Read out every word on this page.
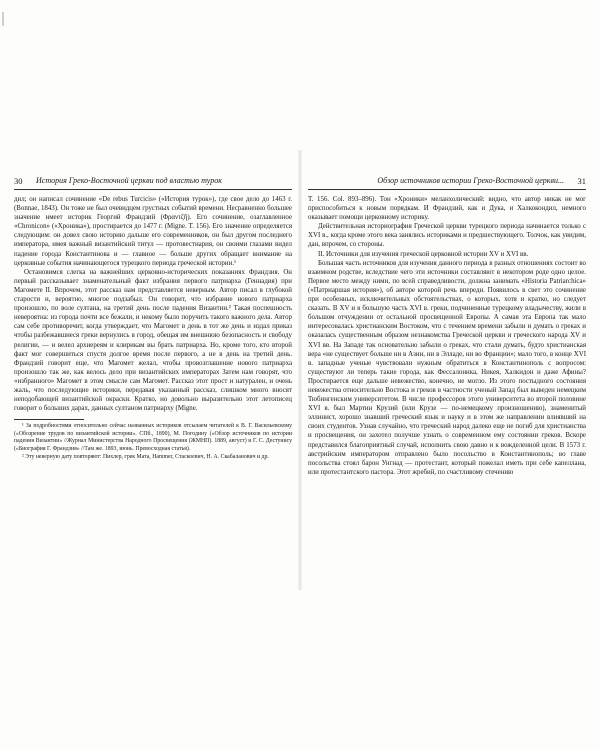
30 История Греко-Восточной церкви под властью турок

дил; он написал сочинение «De rebus Turcicis» («История турок»), где свое дело до 1463 г. (Bonnae, 1843). Он тоже не был очевидцем грустных событий времени. Несравненно большее значение имеет историк Георгий Франдзий (Φραντζῆ). Его сочинение, озаглавленное «Chronicon» («Хроника»), простирается до 1477 г. (Migne. T. 156). Его значение определяется следующим: он довел свою историю дальше его современников, он был другом последнего императора, имея важный византийский титул — протовестиария, он своими глазами видел падение города Константинова и — главное — больше других обращает внимание на церковные события начинающегося турецкого периода греческой истории.¹

Остановимся слегка на важнейших церковно-исторических показаниях Франдзия. Он первый рассказывает знаменательный факт избрания первого патриарха (Геннадия) при Магомете II. Впрочем, этот рассказ нам представляется неверным. Автор писал в глубокой старости и, вероятно, многое подзабыл. Он говорит, что избрание нового патриарха произошло, по воле султана, на третий день после падения Византии.² Такая поспешность невероятна: из города почти все бежали, и некому было поручить такого важного дела. Автор сам себе противоречит, когда утверждает, что Магомет в день в тот же день и издал приказ чтобы разбежавшиеся греки вернулись в город, обещая им внешнюю безопасность и свободу религии, — и велел архиереям и клирикам вы брать патриарха. Но, кроме того, кто второй факт мог совершиться спустя долгое время после первого, а не в день на третий день. Франдзий говорит еще, что Магомет желал, чтобы провозглашение нового патриарха произошло так же, как велось дело при византийских императорах Затем нам говорят, что «избранного» Магомет в этом смысле сам Магомет. Рассказ этот прост и натурален, и очень жаль, что последующие историки, передавая указанный рассказ, слишком много вносят неподобающей византийской окраски. Кратко, но довольно выразительно этот летописец говорит о больших дарах, данных султаном патриарху (Migne.

¹ За подробностями относительно сейчас названных историков отсылаем читателей к В. Г. Васильевскому («Обозрение трудов по византийской истории». СПб., 1890), М. Погодину («Обзор источников по истории падения Византии» //Журнал Министерства Народного Просвещения (ЖМНП). 1889, август) и Г. С. Дестунису («Биография Г. Франдзия» //Там же. 1893, июнь. Превосходная статья).

² Эту неверную дату повторяют: Пихлер, грек Мата, Hammer, Стаскоевич, Н. А. Скабаланович и др.

Обзор источников истории Греко-Восточной церкви... 31

T. 156. Col. 893–896). Тон «Хроники» меланхолический: видно, что автор никак не мог приспособиться к новым порядкам. И Франдзий, как и Дука, и Халкокондил, немного оказывает помощи церковному историку.

Действительная историография Греческой церкви турецкого периода начинается только с XVI в., когда кроме этого века занялись историками и предшествующего. Толчок, как увидим, дан, впрочем, со стороны.

II. Источники для изучения греческой церковной истории XV и XVI вв.

Большая часть источников для изучения данного периода в разных отношениях состоит во взаимном родстве, вследствие чего эти источники составляют в некотором роде одно целое. Первое место между ними, по всей справедливости, должна занимать «Historia Patriarchica» («Патриаршая история»), об авторе которой речь впереди. Появилось в свет это сочинение при особенных, исключительных обстоятельствах, о которых, хотя и кратко, но следует сказать. В XV и в большую часть XVI в. греки, подчиненные турецкому владычеству, жили в большом отчуждении от остальной просвещенной Европы. А самая эта Европа так мало интересовалась христианским Востоком, что с течением времени забыли и думать о греках и оказалась существенным образом незнакомства Греческой церкви и греческого народа XV и XVI вв. На Западе так основательно забыли о греках, что стали думать, будто христианская вера «не существует больше ни в Азии, ни в Элладе, ни во Франции»; мало того, в конце XVI в. западные ученые чувствовали нужным обратиться в Константинополь с вопросом: существуют ли теперь такие города, как Фессалоника, Никея, Халкидон и даже Афины? Простирается еще дальше невежество, конечно, не могло. Из этого постыдного состояния невежества относительно Востока и греков в частности ученый Запад был выведен немецким Тюбингенским университетом. В числе профессоров этого университета во второй половине XVI в. был Мартин Крузий (или Крузе — по-немецкому произношению), знаменитый эллинист, хорошо знавший греческий язык и науку и в этом же направлении влиявший на своих студентов. Узнав случайно, что греческий народ далеко еще не погиб для христианства и просвещения, он захотел получше узнать о современном ему состоянии греков. Вскоре представился благоприятный случай, исполнить свою давно и к вожделенной цели. В 1573 г. австрийским императором отправлено было посольство в Константинополь; во главе посольства стоял барон Унгнад — протестант, который пожелал иметь при себе капеллана, или протестантского пастора. Этот жребий, по счастливому стечению
